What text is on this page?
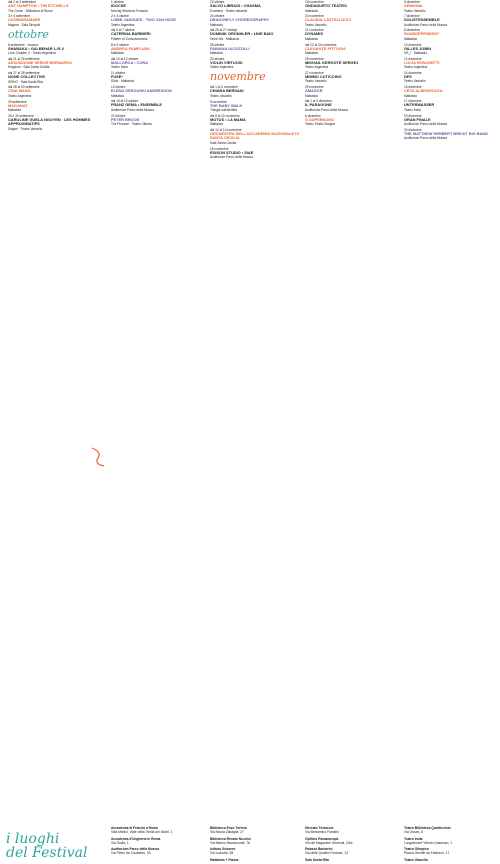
dal 2 al 4 settembre
ANT HAMPTON • TIM ETCHELLS
The Grove · Biblioteca di Roma
3 e 4 settembre
CUORDIRAMARE
Magma · Sala Sinopoli
ottobre
8 settembre · musica
SHABAKA • GAI BEHAR L-R-V
Love Chapter 2 · Teatro Argentina
dal 21 al 26 settembre
ASSUNZIONE SEÑOR BERNARDO
Kingdom · Sala Santa Cecilia
dal 27 al 28 settembre
NONE COLLECTIVE
ISSHO · Sala Santa Rita
dal 28 al 30 settembre
CHAI WANG
Teatro Argentina
29 settembre
MAGANAT
Mattatoio
29 e 30 settembre
CAROLINE GUELA NGUYEN · LES HOMMES APPROXIMATIFS
Saigon · Teatro Vascello
1 ottobre
IDOCSE
Moving Windows Forward
2 e 3 ottobre
LISBE JANGUES · TWO VAN HOVE
Teatro Argentina
dal 5 al 7 ottobre
CATERINA BARBIERI
Pattern of Consciousness
8 e 9 ottobre
ANDREA PAMPLIANI
Mattatoio
dal 10 al 12 ottobre
MALLORCA • CORA
Teatro India
11 ottobre
FUSE*
Dökk · Mattatoio
13 ottobre
ELENA GEROUSKI ANDRESSON
Mattatoio
dal 16 al 19 ottobre
FRANZ GEMA • ENSEMBLE
Auditorium Parco della Musica
20 ottobre
PETER BROOK
The Prisoner · Teatro Vittoria
22 ottobre
SALVO LIBRAGI • CHASMA
Excelsior · Teatro Vascello
24 ottobre
DRAGONFLY CHOREOGRAPHY
Mattatoio
dal 25 al 27 ottobre
DOMINIK GRÖNHLER • LINE BAIO
Ohne Nix · Mattatoio
28 ottobre
FABIANA IACOZZILLI
Mattatoio
30 ottobre
VIOLIN VIRTUOSI
Teatro Argentina
novembre
dal 1 al 3 novembre
CHIARA BERSANI
Teatro Vascello
5 novembre
THE BABY WALK
Trilogia sull'identità
dal 8 al 10 novembre
MOTUS • LA MAMA
Mattatoio
dal 12 al 14 novembre
ORCHESTRA DELL'ACCADEMIA NAZIONALE DI SANTA CECILIA
Sala Santa Cecilia
18 novembre
EDISON STUDIO • SIAE
Auditorium Parco della Musica
19 novembre
ONDADURTO TEATRO
Mattatoio
20 novembre
CLAUDIA CASTELLUCCI
Teatro Vascello
21 novembre
DYNAMIS
Mattatoio
dal 22 al 24 novembre
CLEOANTE PITTOGIA
Mattatoio
25 novembre
MIKHAIL KERGOTÉ SERGEJ
Teatro Argentina
27 novembre
MIMMO CUTICCHIO
Teatro Vascello
29 novembre
AMADOR
Mattatoio
dal 1 al 3 dicembre
IL PARAGONE
Auditorium Parco della Musica
5 dicembre
O SUPERSONO
Teatro Studio Borgna
6 dicembre
ARMONIA
Teatro Vascello
7 dicembre
SOLISTENSEMBLE
Auditorium Parco della Musica
8 dicembre
SOUNDEPENDENT
Mattatoio
10 dicembre
GILLES JOBIN
VR_I · Mattatoio
12 dicembre
LUCIA RONCHETTI
Teatro Argentina
14 dicembre
DFS
Teatro Vascello
15 dicembre
CECILIA BENGOLEA
Mattatoio
17 dicembre
UNTERWASSER
Teatro India
19 dicembre
GRAN FINALE
Auditorium Parco della Musica
20 dicembre
THE MATTHEW HERBERT BREXIT BIG BAND
Auditorium Parco della Musica
i luoghi
del Festival
Accademia di Francia a Roma
Villa Medici, Viale della Trinità dei Monti, 1
Accademia d'Ungheria in Roma
Via Giulia, 1
Auditorium Parco della Musica
Via Pietro de Coubertin, 30
Biblioteca Enzo Tortora
Via Nicola Zabaglia, 27
Biblioteca Renato Nicolini
Via Marino Mazzacurati, 76
Istituto Svizzero
Via Ludovisi, 48
Mattatoio + Piazza
Mercato Testaccio
Via Beniamino Franklin
Opificio Romaeuropa
Via dei Magazzini Generali, 20/a
Palazzo Barberini
Via delle Quattro Fontane, 13
Sala Santa Rita
Teatro Biblioteca Quarticciolo
Via Ostuni, 8
Teatro India
Lungotevere Vittorio Gassman, 1
Teatro Olimpico
Piazza Gentile da Fabriano, 17
Teatro Vascello
